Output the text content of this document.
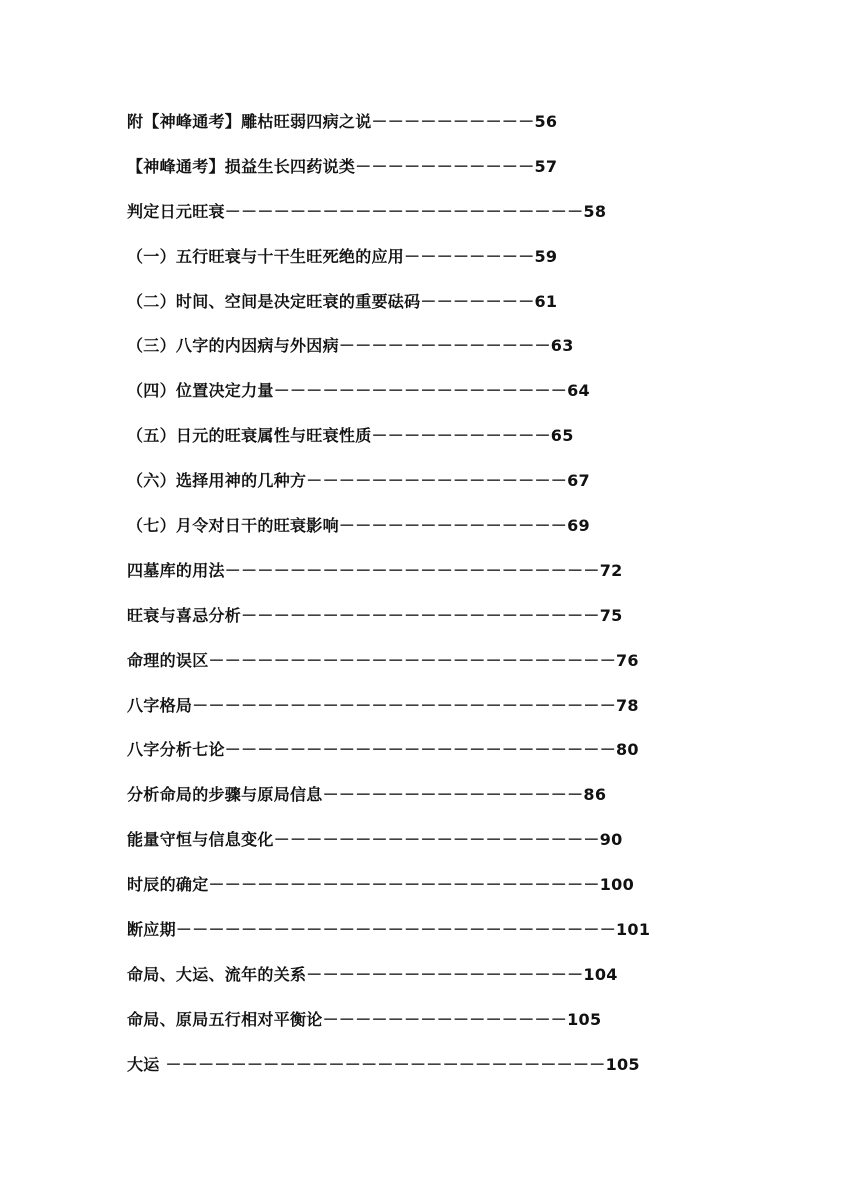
附【神峰通考】雕枯旺弱四病之说－－－－－－－－－－56
【神峰通考】损益生长四药说类－－－－－－－－－－－57
判定日元旺衰－－－－－－－－－－－－－－－－－－－－－－58
（一）五行旺衰与十干生旺死绝的应用－－－－－－－－59
（二）时间、空间是决定旺衰的重要砝码－－－－－－－61
（三）八字的内因病与外因病－－－－－－－－－－－－－63
（四）位置决定力量－－－－－－－－－－－－－－－－－－64
（五）日元的旺衰属性与旺衰性质－－－－－－－－－－－65
（六）选择用神的几种方－－－－－－－－－－－－－－－－67
（七）月令对日干的旺衰影响－－－－－－－－－－－－－－69
四墓库的用法－－－－－－－－－－－－－－－－－－－－－－－72
旺衰与喜忌分析－－－－－－－－－－－－－－－－－－－－－－75
命理的误区－－－－－－－－－－－－－－－－－－－－－－－－－76
八字格局－－－－－－－－－－－－－－－－－－－－－－－－－－78
八字分析七论－－－－－－－－－－－－－－－－－－－－－－－－80
分析命局的步骤与原局信息－－－－－－－－－－－－－－－－86
能量守恒与信息变化－－－－－－－－－－－－－－－－－－－－90
时辰的确定－－－－－－－－－－－－－－－－－－－－－－－－100
断应期－－－－－－－－－－－－－－－－－－－－－－－－－－－101
命局、大运、流年的关系－－－－－－－－－－－－－－－－－104
命局、原局五行相对平衡论－－－－－－－－－－－－－－－105
大运 －－－－－－－－－－－－－－－－－－－－－－－－－－－105
